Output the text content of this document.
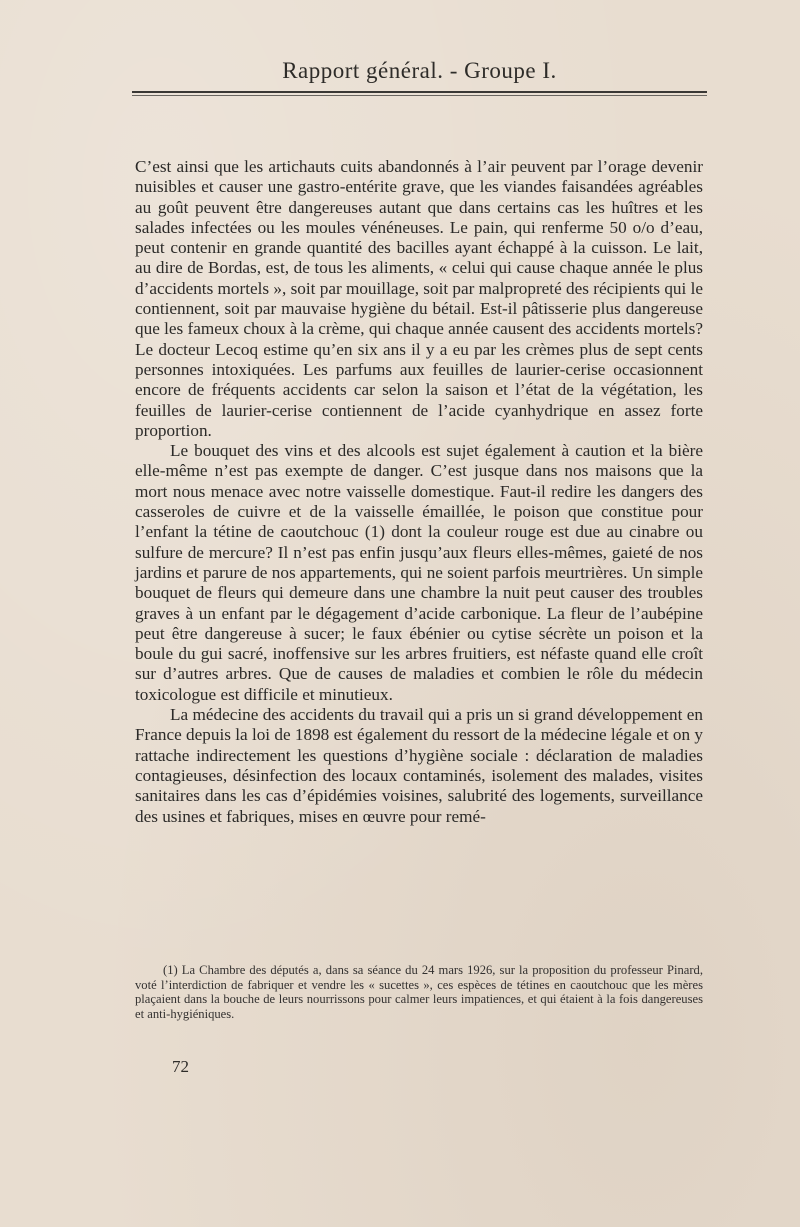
Rapport général. - Groupe I.

C’est ainsi que les artichauts cuits abandonnés à l’air peuvent par l’orage devenir nuisibles et causer une gastro-entérite grave, que les viandes faisandées agréables au goût peuvent être dangereuses autant que dans certains cas les huîtres et les salades infectées ou les moules vénéneuses. Le pain, qui renferme 50 o/o d’eau, peut contenir en grande quantité des bacilles ayant échappé à la cuisson. Le lait, au dire de Bordas, est, de tous les aliments, « celui qui cause chaque année le plus d’accidents mortels », soit par mouillage, soit par malpropreté des récipients qui le contiennent, soit par mauvaise hygiène du bétail. Est-il pâtisserie plus dangereuse que les fameux choux à la crème, qui chaque année causent des accidents mortels? Le docteur Lecoq estime qu’en six ans il y a eu par les crèmes plus de sept cents personnes intoxiquées. Les parfums aux feuilles de laurier-cerise occasionnent encore de fréquents accidents car selon la saison et l’état de la végétation, les feuilles de laurier-cerise contiennent de l’acide cyanhydrique en assez forte proportion.

Le bouquet des vins et des alcools est sujet également à caution et la bière elle-même n’est pas exempte de danger. C’est jusque dans nos maisons que la mort nous menace avec notre vaisselle domestique. Faut-il redire les dangers des casseroles de cuivre et de la vaisselle émaillée, le poison que constitue pour l’enfant la tétine de caoutchouc (1) dont la couleur rouge est due au cinabre ou sulfure de mercure? Il n’est pas enfin jusqu’aux fleurs elles-mêmes, gaieté de nos jardins et parure de nos appartements, qui ne soient parfois meurtrières. Un simple bouquet de fleurs qui demeure dans une chambre la nuit peut causer des troubles graves à un enfant par le dégagement d’acide carbonique. La fleur de l’aubépine peut être dangereuse à sucer; le faux ébénier ou cytise sécrète un poison et la boule du gui sacré, inoffensive sur les arbres fruitiers, est néfaste quand elle croît sur d’autres arbres. Que de causes de maladies et combien le rôle du médecin toxicologue est difficile et minutieux.

La médecine des accidents du travail qui a pris un si grand développement en France depuis la loi de 1898 est également du ressort de la médecine légale et on y rattache indirectement les questions d’hygiène sociale : déclaration de maladies contagieuses, désinfection des locaux contaminés, isolement des malades, visites sanitaires dans les cas d’épidémies voisines, salubrité des logements, surveillance des usines et fabriques, mises en œuvre pour remé-

(1) La Chambre des députés a, dans sa séance du 24 mars 1926, sur la proposition du professeur Pinard, voté l’interdiction de fabriquer et vendre les « sucettes », ces espèces de tétines en caoutchouc que les mères plaçaient dans la bouche de leurs nourrissons pour calmer leurs impatiences, et qui étaient à la fois dangereuses et anti-hygiéniques.

72
